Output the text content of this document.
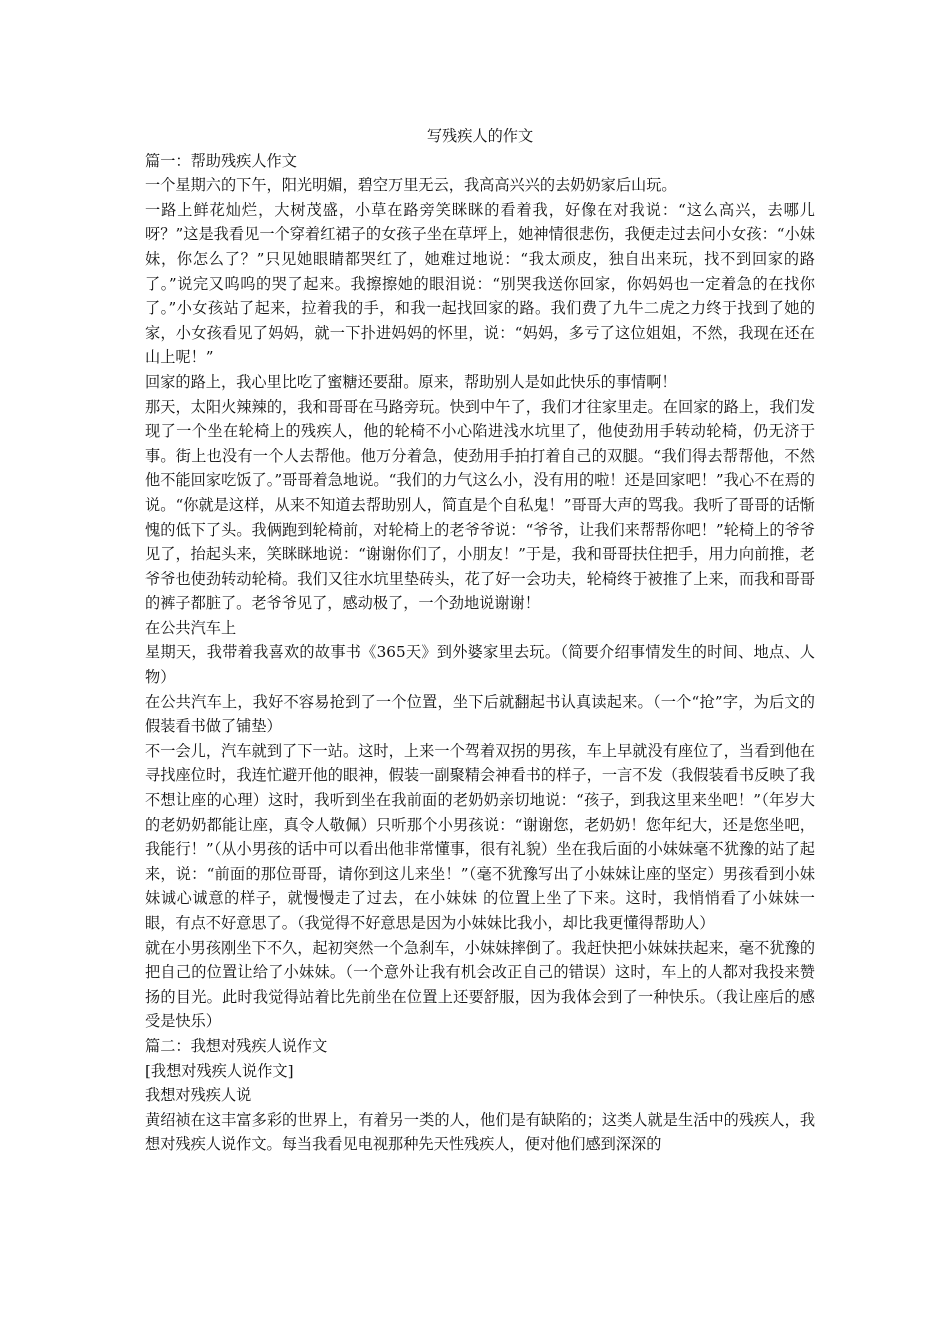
写残疾人的作文

篇一：帮助残疾人作文

一个星期六的下午，阳光明媚，碧空万里无云，我高高兴兴的去奶奶家后山玩。

一路上鲜花灿烂，大树茂盛，小草在路旁笑眯眯的看着我，好像在对我说：“这么高兴，去哪儿呀？”这是我看见一个穿着红裙子的女孩子坐在草坪上，她神情很悲伤，我便走过去问小女孩：“小妹妹，你怎么了？”只见她眼睛都哭红了，她难过地说：“我太顽皮，独自出来玩，找不到回家的路了。”说完又呜呜的哭了起来。我擦擦她的眼泪说：“别哭我送你回家，你妈妈也一定着急的在找你了。”小女孩站了起来，拉着我的手，和我一起找回家的路。我们费了九牛二虎之力终于找到了她的家，小女孩看见了妈妈，就一下扑进妈妈的怀里，说：“妈妈，多亏了这位姐姐，不然，我现在还在山上呢！”

回家的路上，我心里比吃了蜜糖还要甜。原来，帮助别人是如此快乐的事情啊！

那天，太阳火辣辣的，我和哥哥在马路旁玩。快到中午了，我们才往家里走。在回家的路上，我们发现了一个坐在轮椅上的残疾人，他的轮椅不小心陷进浅水坑里了，他使劲用手转动轮椅，仍无济于事。街上也没有一个人去帮他。他万分着急，使劲用手拍打着自己的双腿。“我们得去帮帮他，不然他不能回家吃饭了。”哥哥着急地说。“我们的力气这么小，没有用的啦！还是回家吧！”我心不在焉的说。“你就是这样，从来不知道去帮助别人，简直是个自私鬼！”哥哥大声的骂我。我听了哥哥的话惭愧的低下了头。我俩跑到轮椅前，对轮椅上的老爷爷说：“爷爷，让我们来帮帮你吧！”轮椅上的爷爷见了，抬起头来，笑眯眯地说：“谢谢你们了，小朋友！”于是，我和哥哥扶住把手，用力向前推，老爷爷也使劲转动轮椅。我们又往水坑里垫砖头，花了好一会功夫，轮椅终于被推了上来，而我和哥哥的裤子都脏了。老爷爷见了，感动极了，一个劲地说谢谢！

在公共汽车上

星期天，我带着我喜欢的故事书《365天》到外婆家里去玩。（简要介绍事情发生的时间、地点、人物）

在公共汽车上，我好不容易抢到了一个位置，坐下后就翻起书认真读起来。（一个“抢”字，为后文的假装看书做了铺垫）

不一会儿，汽车就到了下一站。这时，上来一个驾着双拐的男孩，车上早就没有座位了，当看到他在寻找座位时，我连忙避开他的眼神，假装一副聚精会神看书的样子，一言不发（我假装看书反映了我不想让座的心理）这时，我听到坐在我前面的老奶奶亲切地说：“孩子，到我这里来坐吧！”（年岁大的老奶奶都能让座，真令人敬佩）只听那个小男孩说：“谢谢您，老奶奶！您年纪大，还是您坐吧，我能行！”（从小男孩的话中可以看出他非常懂事，很有礼貌）坐在我后面的小妹妹毫不犹豫的站了起来，说：“前面的那位哥哥，请你到这儿来坐！”（毫不犹豫写出了小妹妹让座的坚定）男孩看到小妹妹诚心诚意的样子，就慢慢走了过去，在小妹妹 的位置上坐了下来。这时，我悄悄看了小妹妹一眼，有点不好意思了。（我觉得不好意思是因为小妹妹比我小，却比我更懂得帮助人）

就在小男孩刚坐下不久，起初突然一个急刹车，小妹妹摔倒了。我赶快把小妹妹扶起来，毫不犹豫的把自己的位置让给了小妹妹。（一个意外让我有机会改正自己的错误）这时，车上的人都对我投来赞扬的目光。此时我觉得站着比先前坐在位置上还要舒服，因为我体会到了一种快乐。（我让座后的感受是快乐）

篇二：我想对残疾人说作文

[我想对残疾人说作文]

我想对残疾人说

黄绍祯在这丰富多彩的世界上，有着另一类的人，他们是有缺陷的；这类人就是生活中的残疾人，我想对残疾人说作文。每当我看见电视那种先天性残疾人，便对他们感到深深的
